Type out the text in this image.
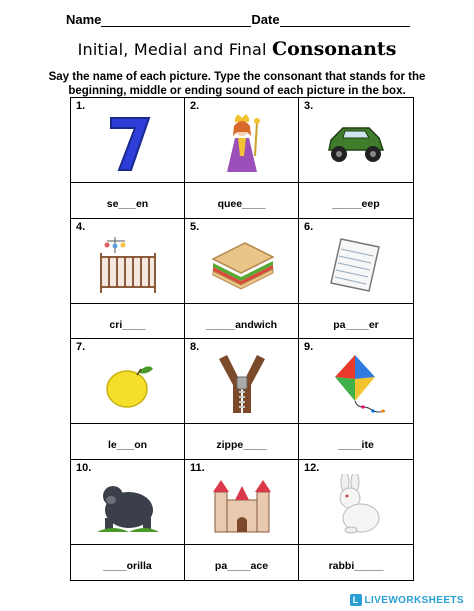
Name	Date
Initial, Medial and Final Consonants
Say the name of each picture. Type the consonant that stands for the beginning, middle or ending sound of each picture in the box.
1.
se___en
2.
quee____
3.
_____eep
4.
cri____
5.
_____andwich
6.
pa____er
7.
le___on
8.
zippe____
9.
____ite
10.
____orilla
11.
pa____ace
12.
rabbi_____
L LIVEWORKSHEETS
